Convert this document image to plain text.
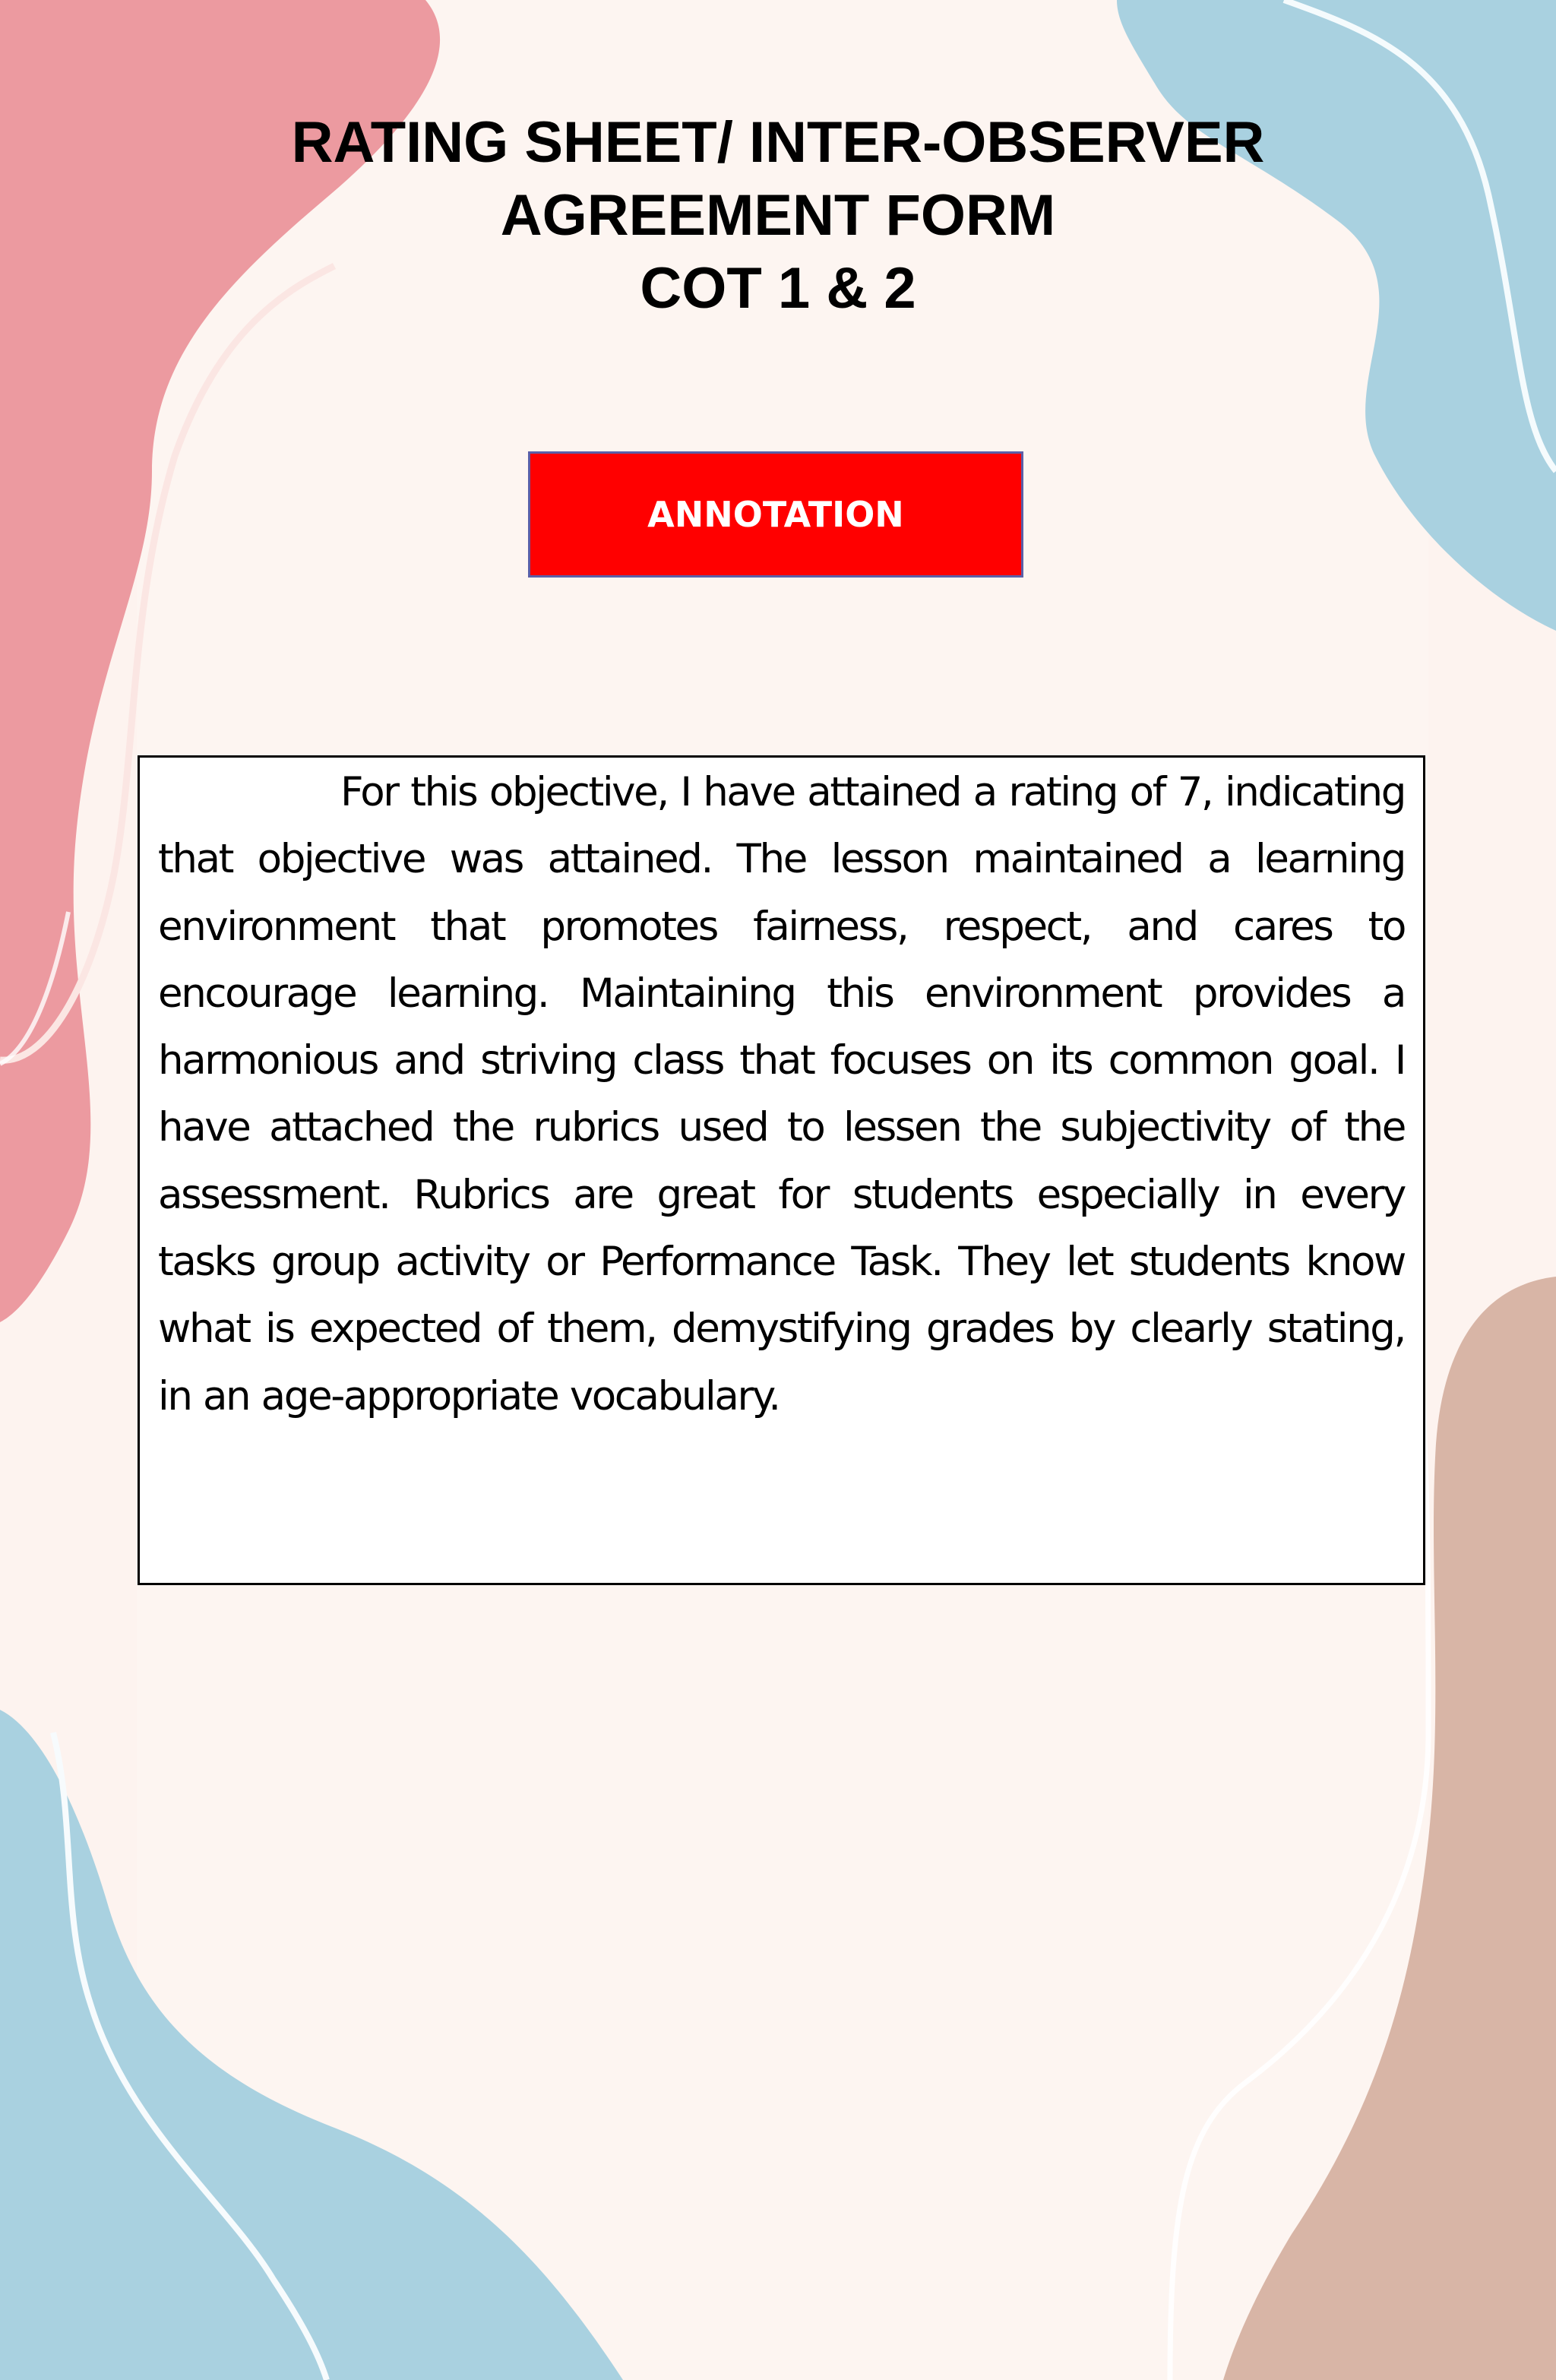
RATING SHEET/ INTER-OBSERVER
AGREEMENT FORM
COT 1 & 2
ANNOTATION

For this objective, I have attained a rating of 7, indicating that objective was attained. The lesson maintained a learning environment that promotes fairness, respect, and cares to encourage learning. Maintaining this environment provides a harmonious and striving class that focuses on its common goal. I have attached the rubrics used to lessen the subjectivity of the assessment. Rubrics are great for students especially in every tasks group activity or Performance Task. They let students know what is expected of them, demystifying grades by clearly stating, in an age-appropriate vocabulary.
